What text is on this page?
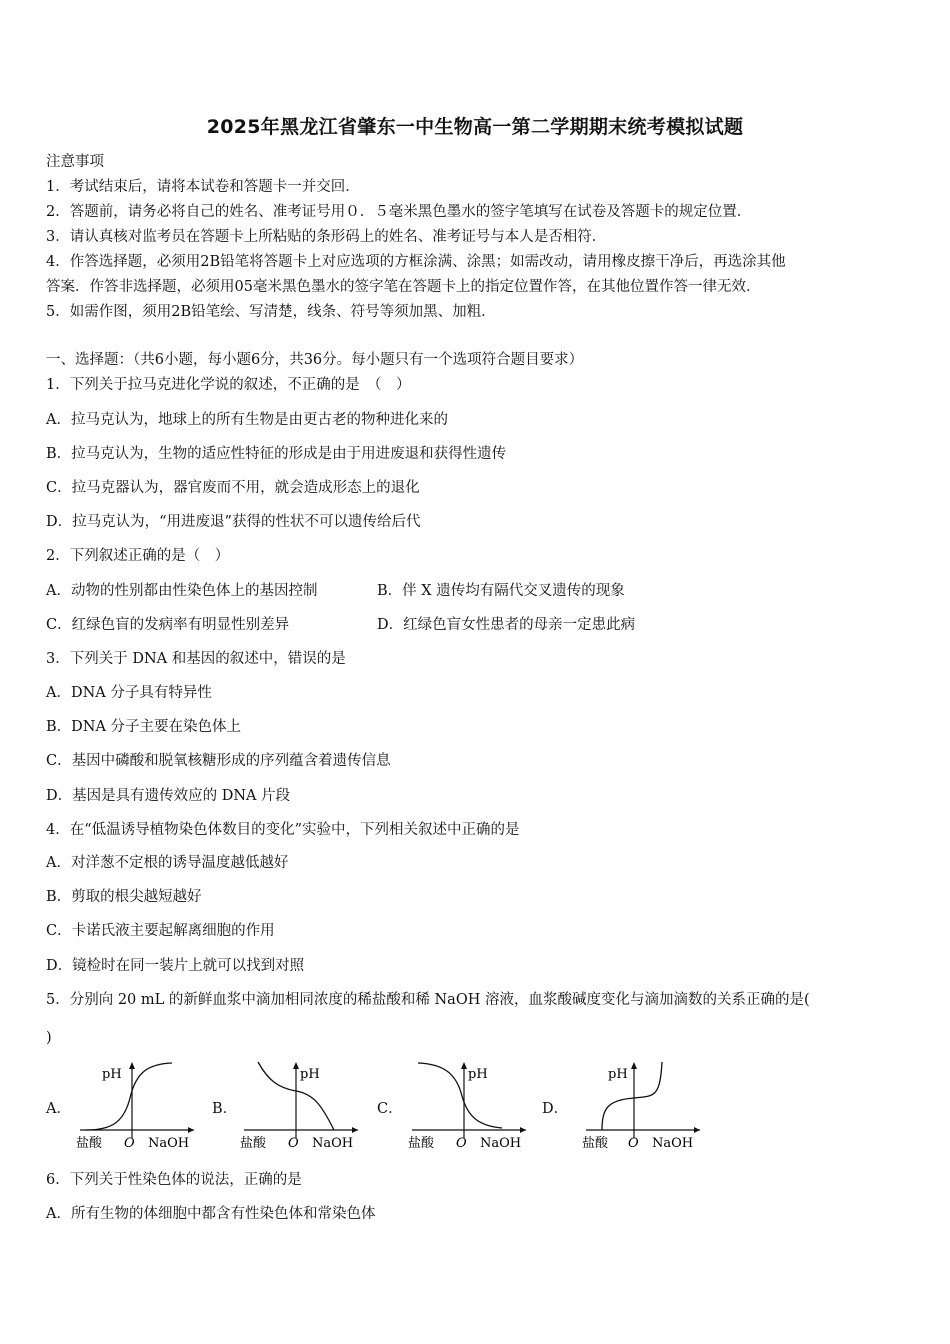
2025年黑龙江省肇东一中生物高一第二学期期末统考模拟试题
注意事项
1．考试结束后，请将本试卷和答题卡一并交回．
2．答题前，请务必将自己的姓名、准考证号用０．５毫米黑色墨水的签字笔填写在试卷及答题卡的规定位置．
3．请认真核对监考员在答题卡上所粘贴的条形码上的姓名、准考证号与本人是否相符．
4．作答选择题，必须用2B铅笔将答题卡上对应选项的方框涂满、涂黑；如需改动，请用橡皮擦干净后，再选涂其他
答案．作答非选择题，必须用05毫米黑色墨水的签字笔在答题卡上的指定位置作答，在其他位置作答一律无效．
5．如需作图，须用2B铅笔绘、写清楚，线条、符号等须加黑、加粗．
一、选择题：（共6小题，每小题6分，共36分。每小题只有一个选项符合题目要求）
1．下列关于拉马克进化学说的叙述，不正确的是　（　）
A．拉马克认为，地球上的所有生物是由更古老的物种进化来的
B．拉马克认为，生物的适应性特征的形成是由于用进废退和获得性遗传
C．拉马克器认为，器官废而不用，就会造成形态上的退化
D．拉马克认为，“用进废退”获得的性状不可以遗传给后代
2．下列叙述正确的是（　）
A．动物的性别都由性染色体上的基因控制	B．伴 X 遗传均有隔代交叉遗传的现象
C．红绿色盲的发病率有明显性别差异	D．红绿色盲女性患者的母亲一定患此病
3．下列关于 DNA 和基因的叙述中，错误的是
A．DNA 分子具有特异性
B．DNA 分子主要在染色体上
C．基因中磷酸和脱氧核糖形成的序列蕴含着遗传信息
D．基因是具有遗传效应的 DNA 片段
4．在“低温诱导植物染色体数目的变化”实验中，下列相关叙述中正确的是
A．对洋葱不定根的诱导温度越低越好
B．剪取的根尖越短越好
C．卡诺氏液主要起解离细胞的作用
D．镜检时在同一装片上就可以找到对照
5．分别向 20 mL 的新鲜血浆中滴加相同浓度的稀盐酸和稀 NaOH 溶液，血浆酸碱度变化与滴加滴数的关系正确的是(
)
A．
pH
盐酸 O NaOH
B．
pH
盐酸 O NaOH
C．
pH
盐酸 O NaOH
D．
pH
盐酸 O NaOH
6．下列关于性染色体的说法，正确的是
A．所有生物的体细胞中都含有性染色体和常染色体
